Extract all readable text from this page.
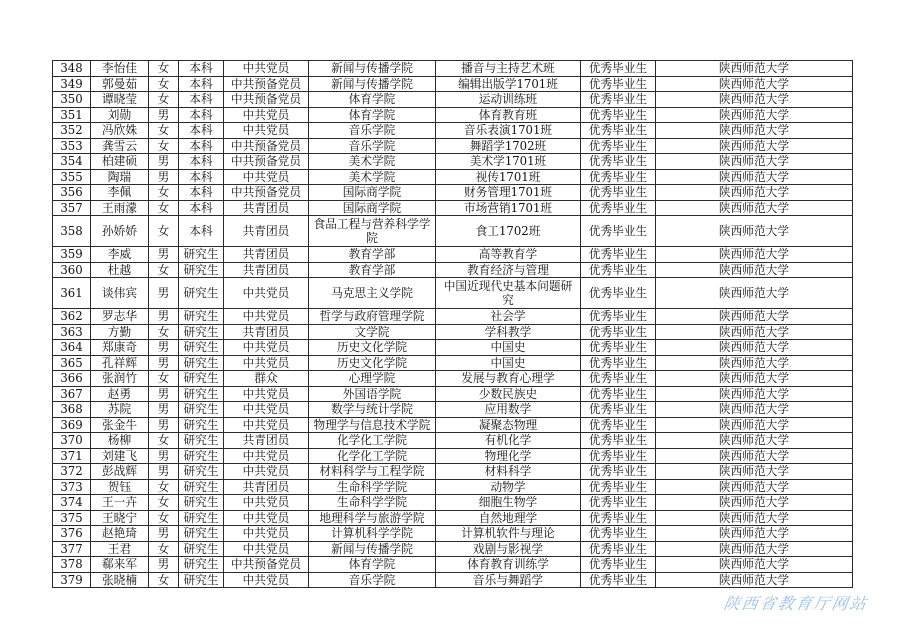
348	李怡佳	女	本科	中共党员	新闻与传播学院	播音与主持艺术班	优秀毕业生	陕西师范大学
349	郭曼茹	女	本科	中共预备党员	新闻与传播学院	编辑出版学1701班	优秀毕业生	陕西师范大学
350	谭晓莹	女	本科	中共预备党员	体育学院	运动训练班	优秀毕业生	陕西师范大学
351	刘勋	男	本科	中共党员	体育学院	体育教育班	优秀毕业生	陕西师范大学
352	冯欣姝	女	本科	中共党员	音乐学院	音乐表演1701班	优秀毕业生	陕西师范大学
353	龚雪云	女	本科	中共预备党员	音乐学院	舞蹈学1702班	优秀毕业生	陕西师范大学
354	柏建硕	男	本科	中共预备党员	美术学院	美术学1701班	优秀毕业生	陕西师范大学
355	陶瑞	男	本科	中共党员	美术学院	视传1701班	优秀毕业生	陕西师范大学
356	李佩	女	本科	中共预备党员	国际商学院	财务管理1701班	优秀毕业生	陕西师范大学
357	王雨濛	女	本科	共青团员	国际商学院	市场营销1701班	优秀毕业生	陕西师范大学
358	孙娇娇	女	本科	共青团员	食品工程与营养科学学院	食工1702班	优秀毕业生	陕西师范大学
359	李威	男	研究生	共青团员	教育学部	高等教育学	优秀毕业生	陕西师范大学
360	杜越	女	研究生	共青团员	教育学部	教育经济与管理	优秀毕业生	陕西师范大学
361	谈伟宾	男	研究生	中共党员	马克思主义学院	中国近现代史基本问题研究	优秀毕业生	陕西师范大学
362	罗志华	男	研究生	中共党员	哲学与政府管理学院	社会学	优秀毕业生	陕西师范大学
363	方勤	女	研究生	共青团员	文学院	学科教学	优秀毕业生	陕西师范大学
364	郑康奇	男	研究生	中共党员	历史文化学院	中国史	优秀毕业生	陕西师范大学
365	孔祥辉	男	研究生	中共党员	历史文化学院	中国史	优秀毕业生	陕西师范大学
366	张润竹	女	研究生	群众	心理学院	发展与教育心理学	优秀毕业生	陕西师范大学
367	赵勇	男	研究生	中共党员	外国语学院	少数民族史	优秀毕业生	陕西师范大学
368	苏院	男	研究生	中共党员	数学与统计学院	应用数学	优秀毕业生	陕西师范大学
369	张金牛	男	研究生	中共党员	物理学与信息技术学院	凝聚态物理	优秀毕业生	陕西师范大学
370	杨柳	女	研究生	共青团员	化学化工学院	有机化学	优秀毕业生	陕西师范大学
371	刘建飞	男	研究生	中共党员	化学化工学院	物理化学	优秀毕业生	陕西师范大学
372	彭战辉	男	研究生	中共党员	材料科学与工程学院	材料科学	优秀毕业生	陕西师范大学
373	贺钰	女	研究生	共青团员	生命科学学院	动物学	优秀毕业生	陕西师范大学
374	王一卉	女	研究生	中共党员	生命科学学院	细胞生物学	优秀毕业生	陕西师范大学
375	王晓宁	女	研究生	中共党员	地理科学与旅游学院	自然地理学	优秀毕业生	陕西师范大学
376	赵艳琦	男	研究生	中共党员	计算机科学学院	计算机软件与理论	优秀毕业生	陕西师范大学
377	王君	女	研究生	中共党员	新闻与传播学院	戏剧与影视学	优秀毕业生	陕西师范大学
378	郗来军	男	研究生	中共预备党员	体育学院	体育教育训练学	优秀毕业生	陕西师范大学
379	张晓楠	女	研究生	中共党员	音乐学院	音乐与舞蹈学	优秀毕业生	陕西师范大学
陕西省教育厅网站
